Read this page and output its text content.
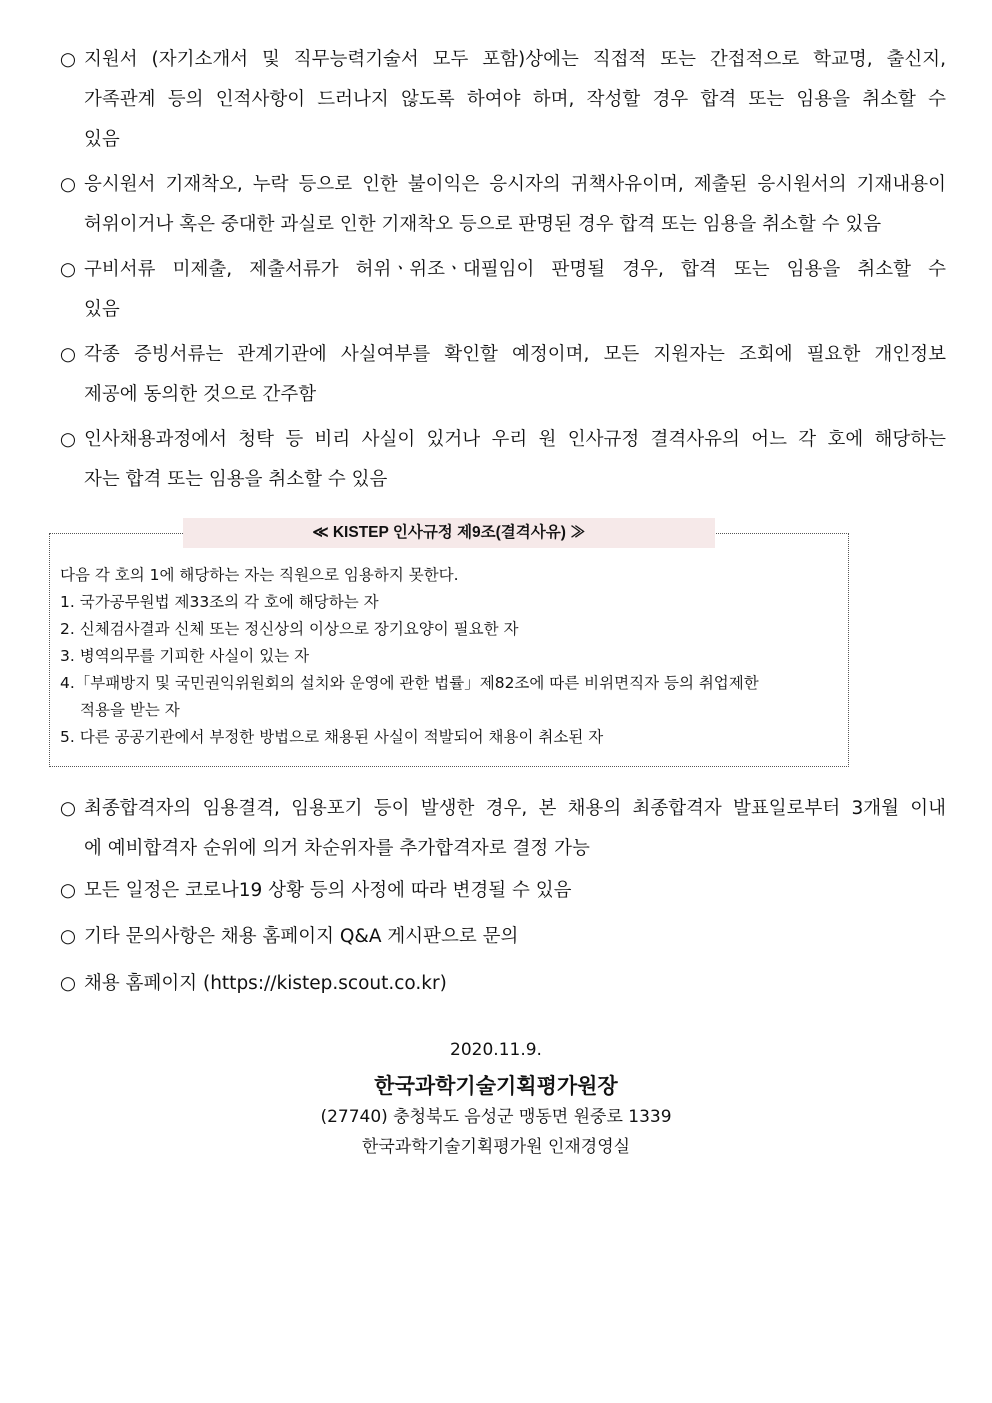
○ 지원서 (자기소개서 및 직무능력기술서 모두 포함)상에는 직접적 또는 간접적으로 학교명, 출신지,
가족관계 등의 인적사항이 드러나지 않도록 하여야 하며, 작성할 경우 합격 또는 임용을 취소할 수
있음
○ 응시원서 기재착오, 누락 등으로 인한 불이익은 응시자의 귀책사유이며, 제출된 응시원서의 기재내용이
허위이거나 혹은 중대한 과실로 인한 기재착오 등으로 판명된 경우 합격 또는 임용을 취소할 수 있음
○ 구비서류 미제출, 제출서류가 허위ㆍ위조ㆍ대필임이 판명될 경우, 합격 또는 임용을 취소할 수
있음
○ 각종 증빙서류는 관계기관에 사실여부를 확인할 예정이며, 모든 지원자는 조회에 필요한 개인정보
제공에 동의한 것으로 간주함
○ 인사채용과정에서 청탁 등 비리 사실이 있거나 우리 원 인사규정 결격사유의 어느 각 호에 해당하는
자는 합격 또는 임용을 취소할 수 있음
≪ KISTEP 인사규정 제9조(결격사유) ≫
다음 각 호의 1에 해당하는 자는 직원으로 임용하지 못한다.
1. 국가공무원법 제33조의 각 호에 해당하는 자
2. 신체검사결과 신체 또는 정신상의 이상으로 장기요양이 필요한 자
3. 병역의무를 기피한 사실이 있는 자
4.「부패방지 및 국민권익위원회의 설치와 운영에 관한 법률」제82조에 따른 비위면직자 등의 취업제한
적용을 받는 자
5. 다른 공공기관에서 부정한 방법으로 채용된 사실이 적발되어 채용이 취소된 자
○ 최종합격자의 임용결격, 임용포기 등이 발생한 경우, 본 채용의 최종합격자 발표일로부터 3개월 이내
에 예비합격자 순위에 의거 차순위자를 추가합격자로 결정 가능
○ 모든 일정은 코로나19 상황 등의 사정에 따라 변경될 수 있음
○ 기타 문의사항은 채용 홈페이지 Q&A 게시판으로 문의
○ 채용 홈페이지 (https://kistep.scout.co.kr)
2020.11.9.
한국과학기술기획평가원장
(27740) 충청북도 음성군 맹동면 원중로 1339
한국과학기술기획평가원 인재경영실
